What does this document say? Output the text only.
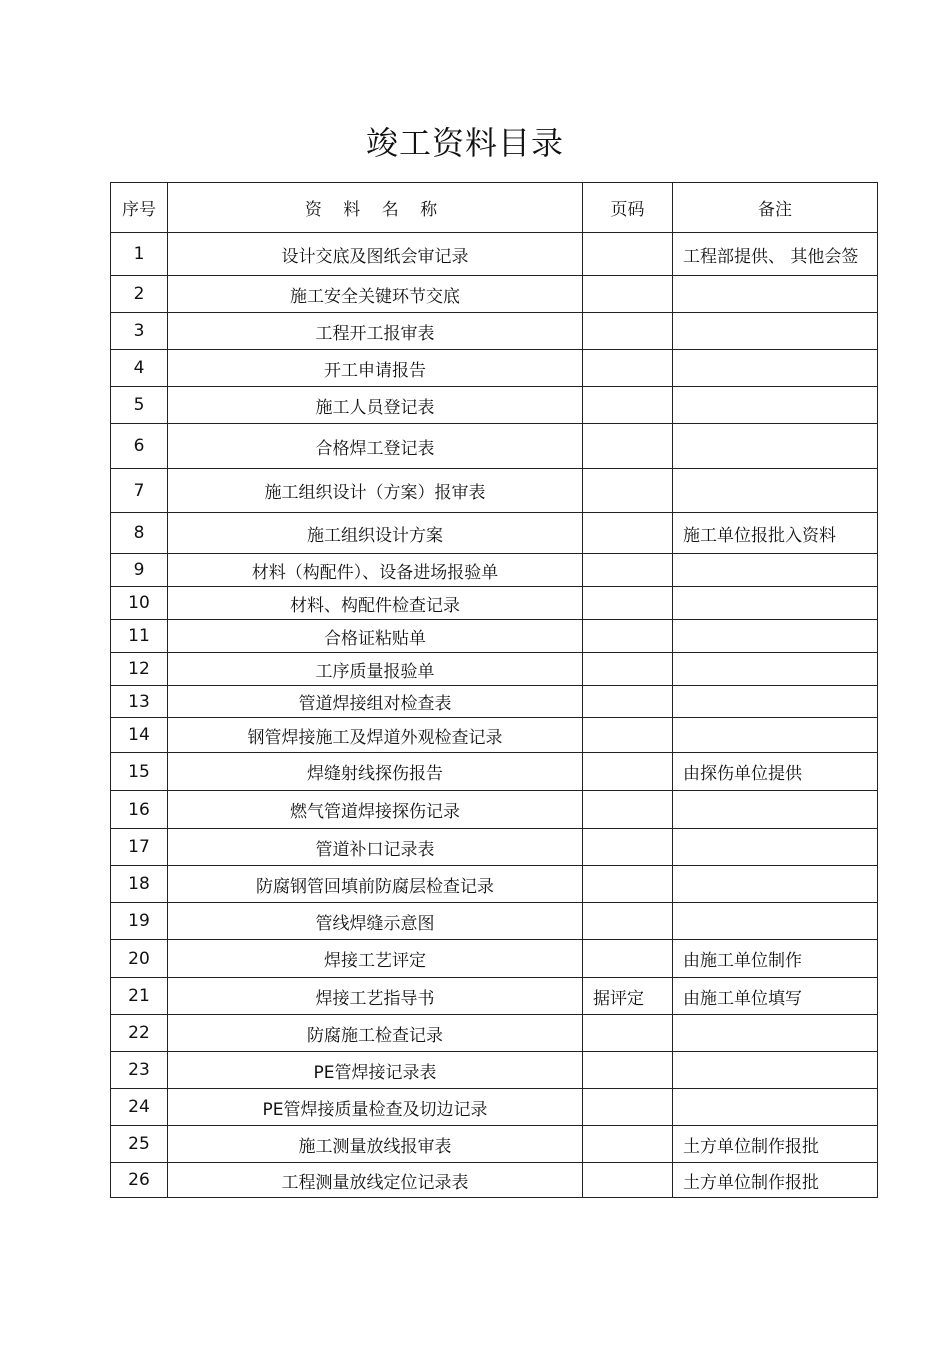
竣工资料目录
序号	资 料 名 称	页码	备注
1	设计交底及图纸会审记录		工程部提供、 其他会签
2	施工安全关键环节交底		
3	工程开工报审表		
4	开工申请报告		
5	施工人员登记表		
6	合格焊工登记表		
7	施工组织设计（方案）报审表		
8	施工组织设计方案		施工单位报批入资料
9	材料（构配件）、设备进场报验单		
10	材料、构配件检查记录		
11	合格证粘贴单		
12	工序质量报验单		
13	管道焊接组对检查表		
14	钢管焊接施工及焊道外观检查记录		
15	焊缝射线探伤报告		由探伤单位提供
16	燃气管道焊接探伤记录		
17	管道补口记录表		
18	防腐钢管回填前防腐层检查记录		
19	管线焊缝示意图		
20	焊接工艺评定		由施工单位制作
21	焊接工艺指导书	据评定	由施工单位填写
22	防腐施工检查记录		
23	PE管焊接记录表		
24	PE管焊接质量检查及切边记录		
25	施工测量放线报审表		土方单位制作报批
26	工程测量放线定位记录表		土方单位制作报批
